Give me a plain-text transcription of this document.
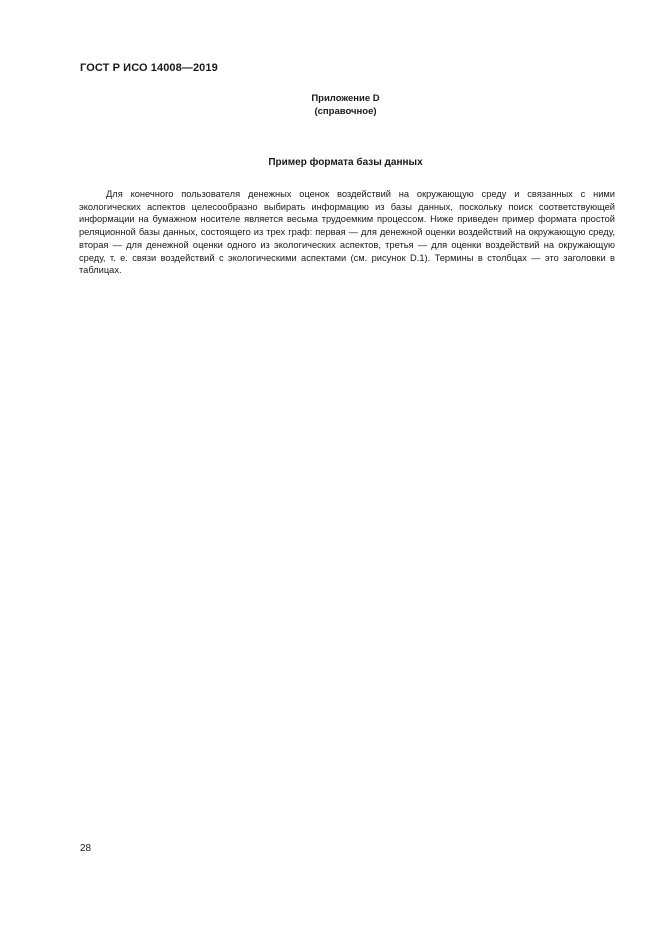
ГОСТ Р ИСО 14008—2019
Приложение D
(справочное)
Пример формата базы данных

Для конечного пользователя денежных оценок воздействий на окружающую среду и связанных с ними экологических аспектов целесообразно выбирать информацию из базы данных, поскольку поиск соответствующей информации на бумажном носителе является весьма трудоемким процессом. Ниже приведен пример формата простой реляционной базы данных, состоящего из трех граф: первая — для денежной оценки воздействий на окружающую среду, вторая — для денежной оценки одного из экологических аспектов, третья — для оценки воздействий на окружающую среду, т. е. связи воздействий с экологическими аспектами (см. рисунок D.1). Термины в столбцах — это заголовки в таблицах.

28
